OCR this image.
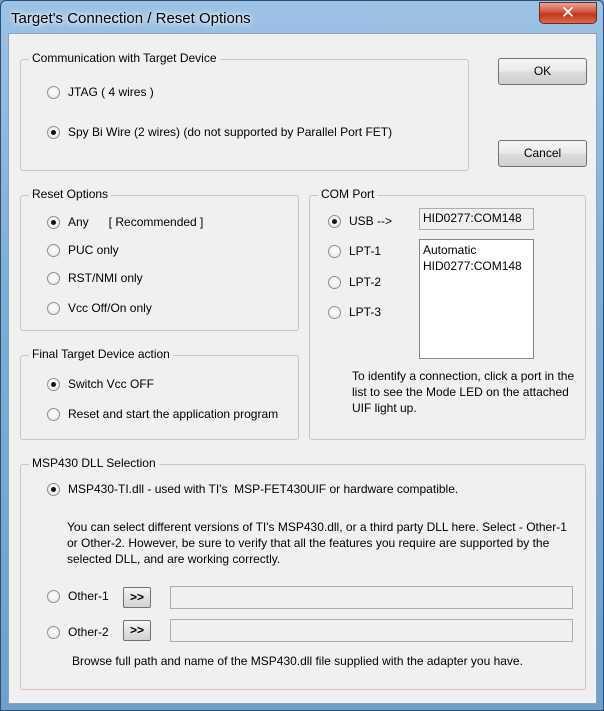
Target's Connection / Reset Options	✕
Communication with Target Device
JTAG ( 4 wires )
Spy Bi Wire (2 wires) (do not supported by Parallel Port FET)
OK
Cancel
Reset Options
Any      [ Recommended ]
PUC only
RST/NMI only
Vcc Off/On only
Final Target Device action
Switch Vcc OFF
Reset and start the application program
COM Port
USB -->
LPT-1
LPT-2
LPT-3
HID0277:COM148
Automatic
HID0277:COM148
To identify a connection, click a port in the list to see the Mode LED on the attached UIF light up.
MSP430 DLL Selection
MSP430-TI.dll - used with TI's  MSP-FET430UIF or hardware compatible.
You can select different versions of TI's MSP430.dll, or a third party DLL here. Select - Other-1 or Other-2. However, be sure to verify that all the features you require are supported by the selected DLL, and are working correctly.
Other-1	>>
Other-2	>>
Browse full path and name of the MSP430.dll file supplied with the adapter you have.
